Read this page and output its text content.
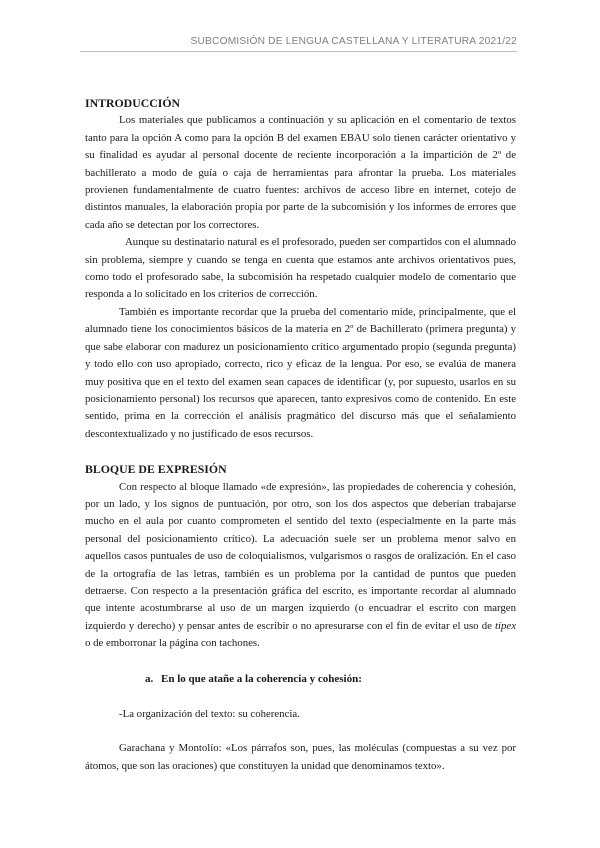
SUBCOMISIÓN DE LENGUA CASTELLANA Y LITERATURA 2021/22
INTRODUCCIÓN

Los materiales que publicamos a continuación y su aplicación en el comentario de textos tanto para la opción A como para la opción B del examen EBAU solo tienen carácter orientativo y su finalidad es ayudar al personal docente de reciente incorporación a la impartición de 2º de bachillerato a modo de guía o caja de herramientas para afrontar la prueba. Los materiales provienen fundamentalmente de cuatro fuentes: archivos de acceso libre en internet, cotejo de distintos manuales, la elaboración propia por parte de la subcomisión y los informes de errores que cada año se detectan por los correctores.

Aunque su destinatario natural es el profesorado, pueden ser compartidos con el alumnado sin problema, siempre y cuando se tenga en cuenta que estamos ante archivos orientativos pues, como todo el profesorado sabe, la subcomisión ha respetado cualquier modelo de comentario que responda a lo solicitado en los criterios de corrección.

También es importante recordar que la prueba del comentario mide, principalmente, que el alumnado tiene los conocimientos básicos de la materia en 2º de Bachillerato (primera pregunta) y que sabe elaborar con madurez un posicionamiento crítico argumentado propio (segunda pregunta) y todo ello con uso apropiado, correcto, rico y eficaz de la lengua. Por eso, se evalúa de manera muy positiva que en el texto del examen sean capaces de identificar (y, por supuesto, usarlos en su posicionamiento personal) los recursos que aparecen, tanto expresivos como de contenido. En este sentido, prima en la corrección el análisis pragmático del discurso más que el señalamiento descontextualizado y no justificado de esos recursos.

BLOQUE DE EXPRESIÓN

Con respecto al bloque llamado «de expresión», las propiedades de coherencia y cohesión, por un lado, y los signos de puntuación, por otro, son los dos aspectos que deberían trabajarse mucho en el aula por cuanto comprometen el sentido del texto (especialmente en la parte más personal del posicionamiento crítico). La adecuación suele ser un problema menor salvo en aquellos casos puntuales de uso de coloquialismos, vulgarismos o rasgos de oralización. En el caso de la ortografía de las letras, también es un problema por la cantidad de puntos que pueden detraerse. Con respecto a la presentación gráfica del escrito, es importante recordar al alumnado que intente acostumbrarse al uso de un margen izquierdo (o encuadrar el escrito con margen izquierdo y derecho) y pensar antes de escribir o no apresurarse con el fin de evitar el uso de típex o de emborronar la página con tachones.

a. En lo que atañe a la coherencia y cohesión:

-La organización del texto: su coherencia.

Garachana y Montolío: «Los párrafos son, pues, las moléculas (compuestas a su vez por átomos, que son las oraciones) que constituyen la unidad que denominamos texto».
